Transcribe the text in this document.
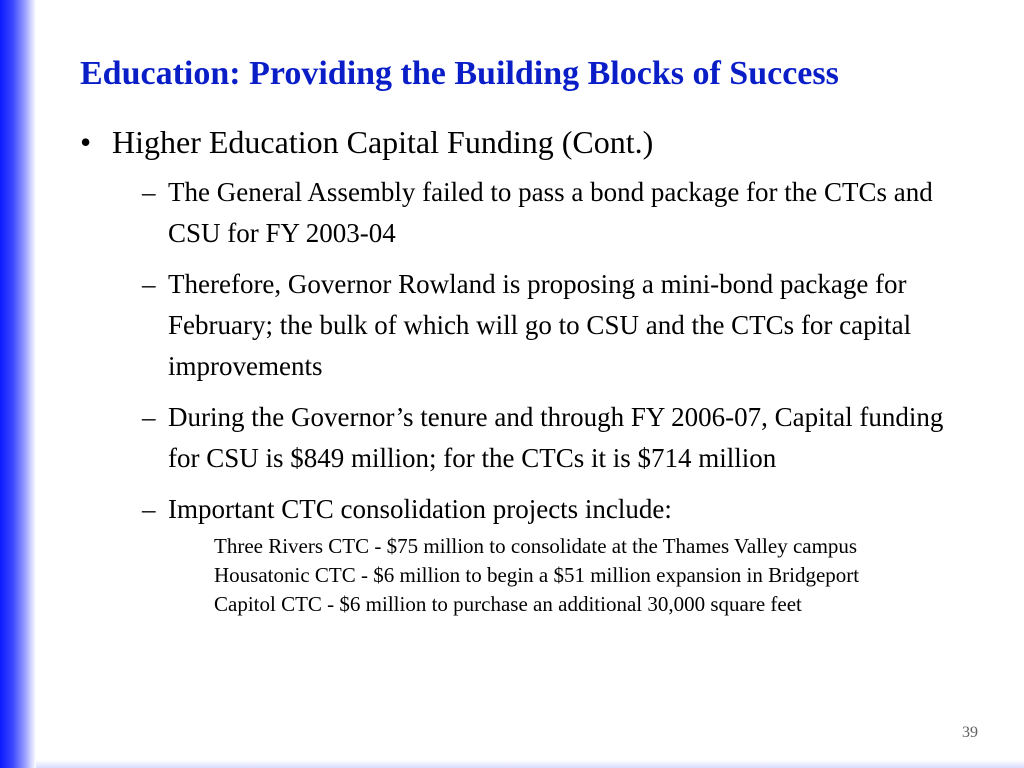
Education: Providing the Building Blocks of Success
• Higher Education Capital Funding (Cont.)
– The General Assembly failed to pass a bond package for the CTCs and CSU for FY 2003-04
– Therefore, Governor Rowland is proposing a mini-bond package for February; the bulk of which will go to CSU and the CTCs for capital improvements
– During the Governor’s tenure and through FY 2006-07, Capital funding for CSU is $849 million; for the CTCs it is $714 million
– Important CTC consolidation projects include:
Three Rivers CTC - $75 million to consolidate at the Thames Valley campus
Housatonic CTC - $6 million to begin a $51 million expansion in Bridgeport
Capitol CTC - $6 million to purchase an additional 30,000 square feet
39
